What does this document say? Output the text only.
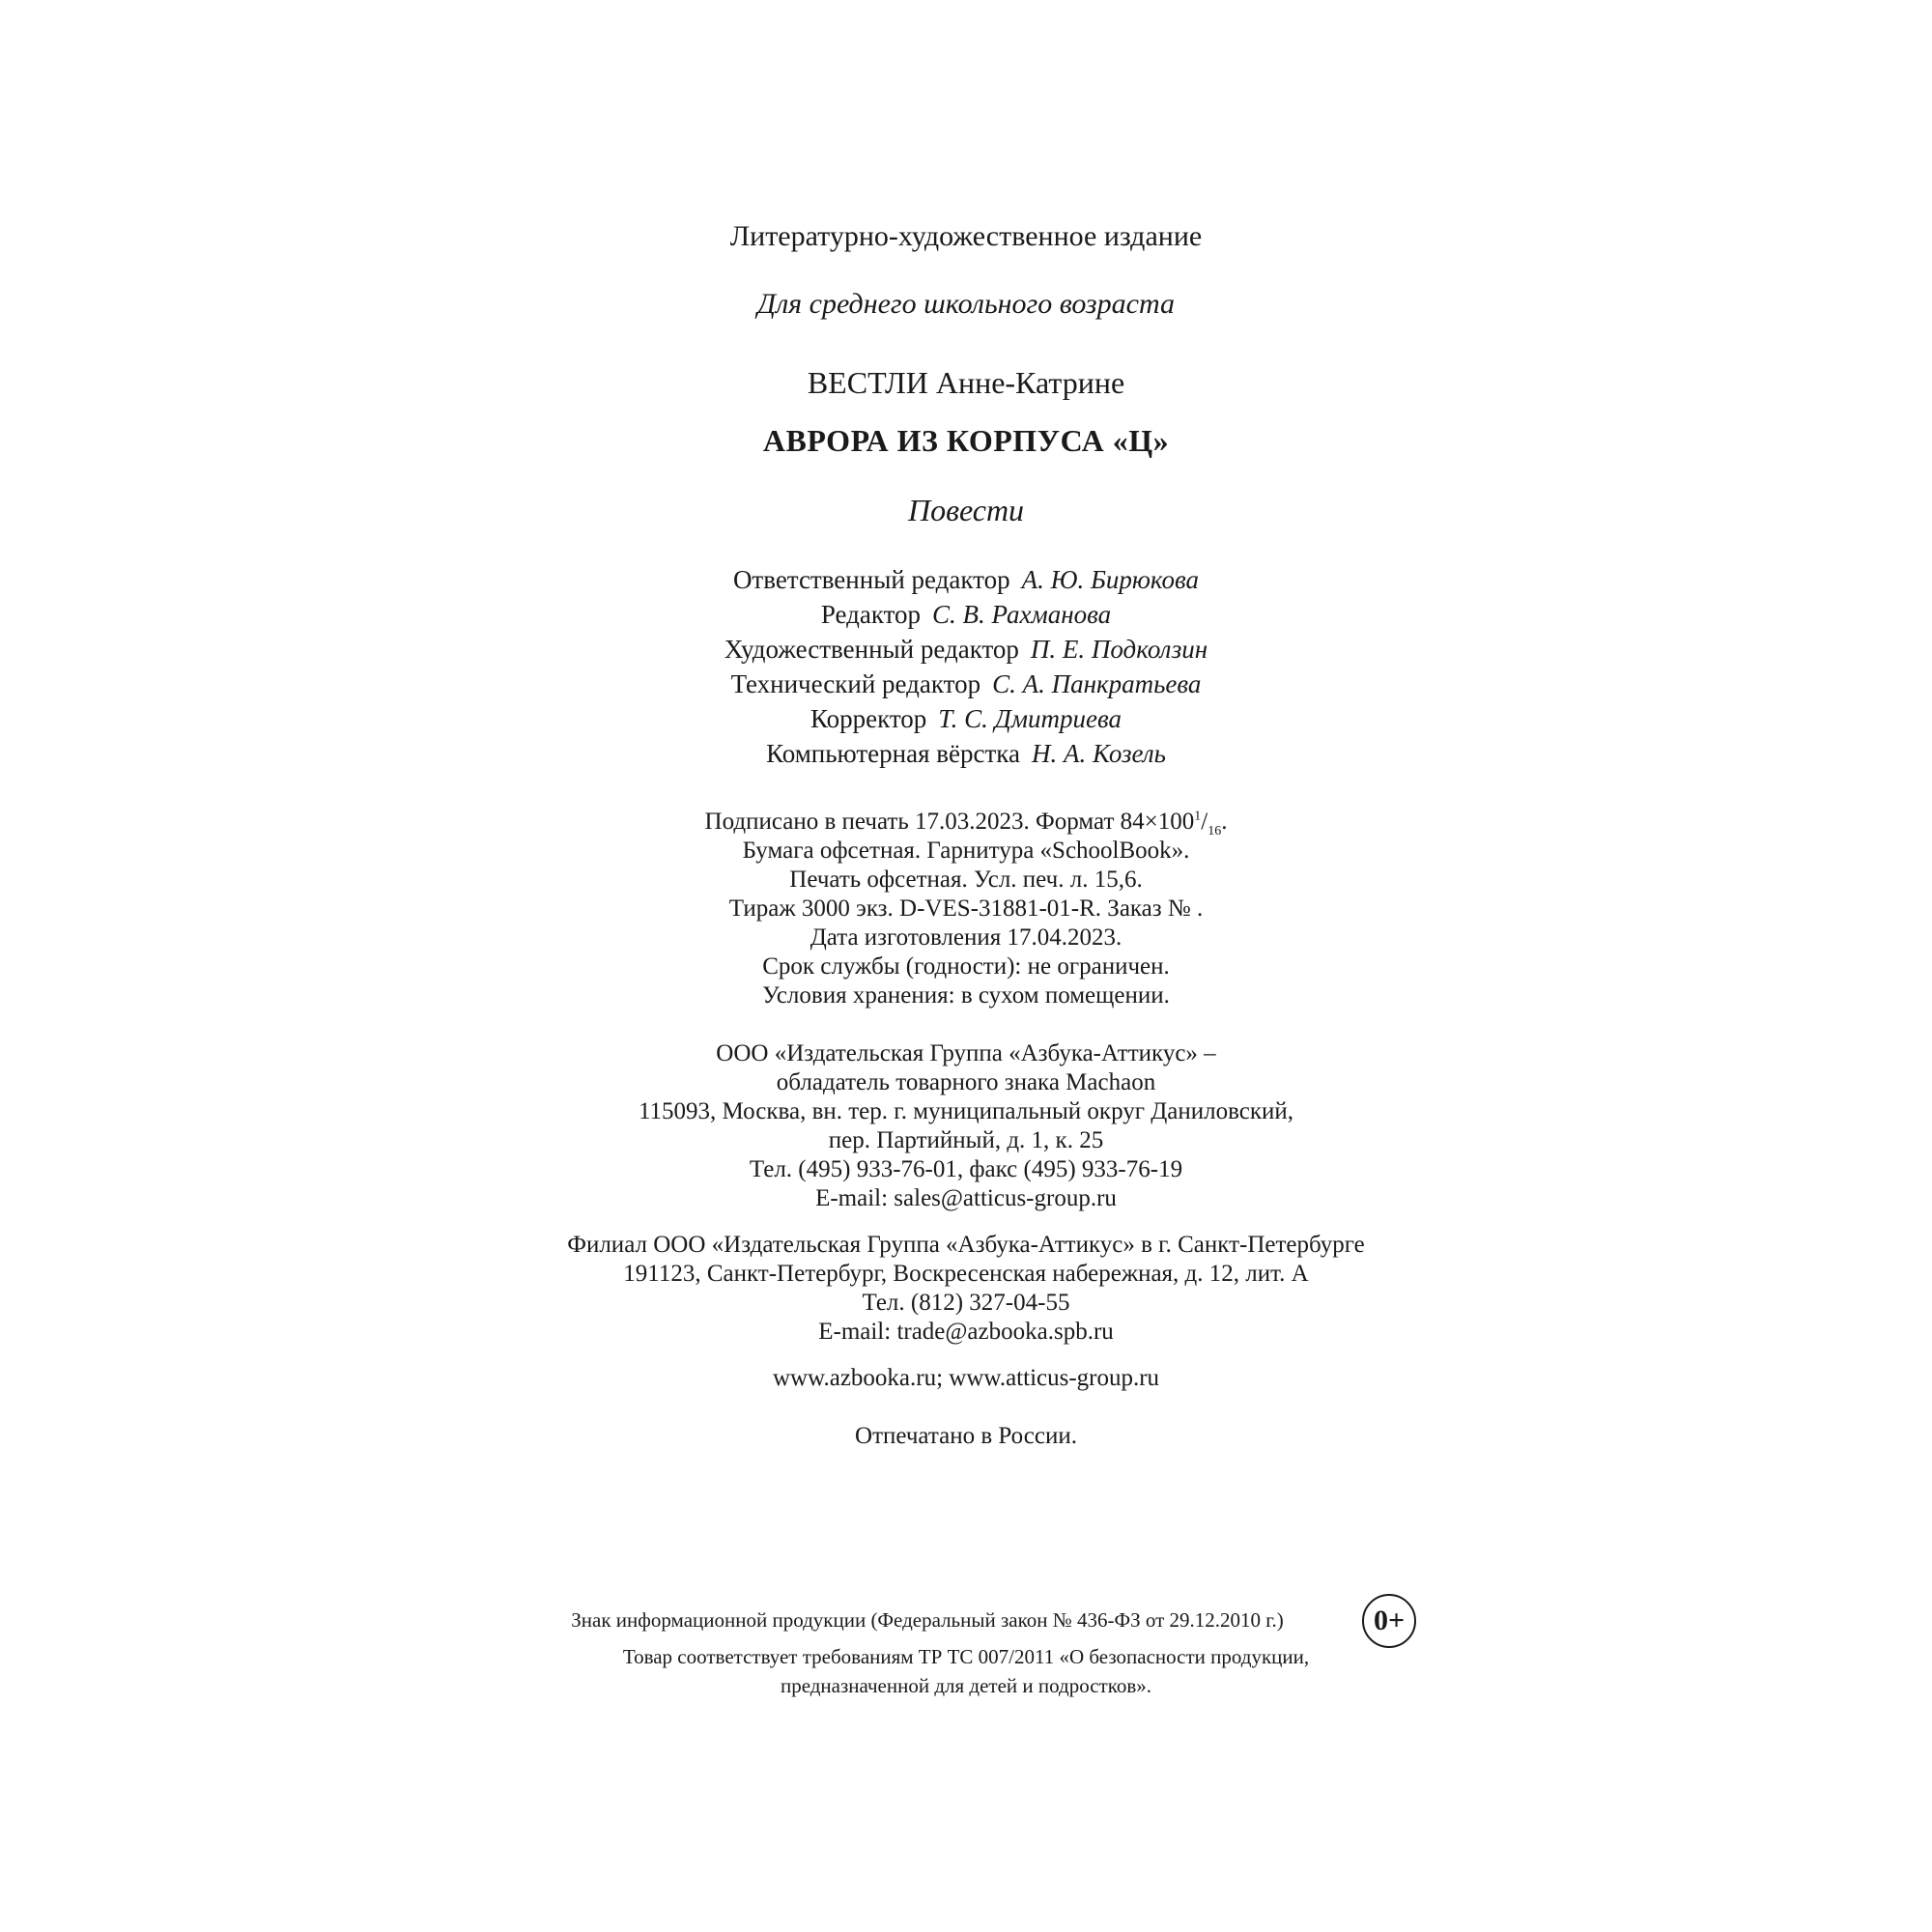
Литературно-художественное издание
Для среднего школьного возраста
ВЕСТЛИ Анне-Катрине
АВРОРА ИЗ КОРПУСА «Ц»
Повести
Ответственный редактор А. Ю. Бирюкова
Редактор С. В. Рахманова
Художественный редактор П. Е. Подколзин
Технический редактор С. А. Панкратьева
Корректор Т. С. Дмитриева
Компьютерная вёрстка Н. А. Козель
Подписано в печать 17.03.2023. Формат $84\times 100^1/_{16}$.
Бумага офсетная. Гарнитура «SchoolBook».
Печать офсетная. Усл. печ. л. 15,6.
Тираж 3000 экз. D-VES-31881-01-R. Заказ № .
Дата изготовления 17.04.2023.
Срок службы (годности): не ограничен.
Условия хранения: в сухом помещении.
ООО «Издательская Группа «Азбука-Аттикус» –
обладатель товарного знака Machaon
115093, Москва, вн. тер. г. муниципальный округ Даниловский,
пер. Партийный, д. 1, к. 25
Тел. (495) 933-76-01, факс (495) 933-76-19
E-mail: sales@atticus-group.ru
Филиал ООО «Издательская Группа «Азбука-Аттикус» в г. Санкт-Петербурге
191123, Санкт-Петербург, Воскресенская набережная, д. 12, лит. А
Тел. (812) 327-04-55
E-mail: trade@azbooka.spb.ru
www.azbooka.ru; www.atticus-group.ru
Отпечатано в России.
Знак информационной продукции (Федеральный закон № 436-ФЗ от 29.12.2010 г.)	0+
Товар соответствует требованиям ТР ТС 007/2011 «О безопасности продукции,
предназначенной для детей и подростков».
